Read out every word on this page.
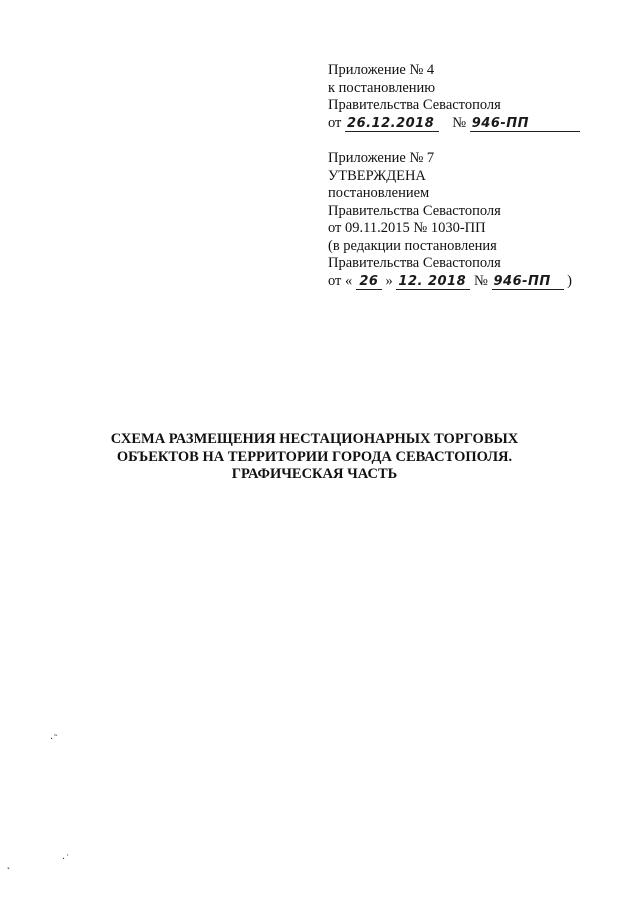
Приложение № 4
к постановлению
Правительства Севастополя
от 26.12.2018 № 946-ПП
Приложение № 7
УТВЕРЖДЕНА
постановлением
Правительства Севастополя
от 09.11.2015 № 1030-ПП
(в редакции постановления
Правительства Севастополя
от « 26 » 12. 2018 № 946-ПП )
СХЕМА РАЗМЕЩЕНИЯ НЕСТАЦИОНАРНЫХ ТОРГОВЫХ
ОБЪЕКТОВ НА ТЕРРИТОРИИ ГОРОДА СЕВАСТОПОЛЯ.
ГРАФИЧЕСКАЯ ЧАСТЬ
·˜
˛	·˙
